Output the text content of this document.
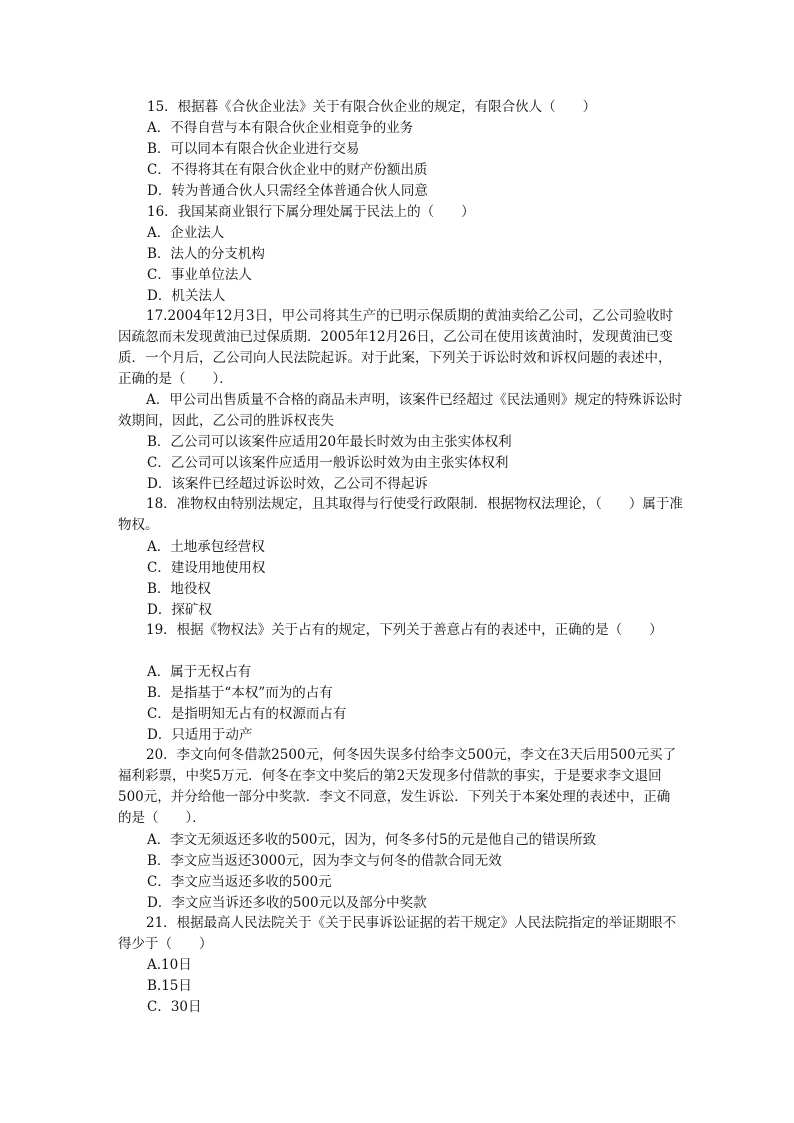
15．根据暮《合伙企业法》关于有限合伙企业的规定，有限合伙人（　　）
A．不得自营与本有限合伙企业相竟争的业务
B．可以同本有限合伙企业进行交易
C．不得将其在有限合伙企业中的财产份额出质
D．转为普通合伙人只需经全体普通合伙人同意
16．我国某商业银行下属分理处属于民法上的（　　）
A．企业法人
B．法人的分支机构
C．事业单位法人
D．机关法人
17.2004年12月3日，甲公司将其生产的已明示保质期的黄油卖给乙公司，乙公司验收时因疏忽而未发现黄油已过保质期．2005年12月26日，乙公司在使用该黄油时，发现黄油已变质．一个月后，乙公司向人民法院起诉。对于此案，下列关于诉讼时效和诉权问题的表述中，正确的是（　　）．
A．甲公司出售质量不合格的商品未声明，该案件已经超过《民法通则》规定的特殊诉讼时效期间，因此，乙公司的胜诉权丧失
B．乙公司可以该案件应适用20年最长时效为由主张实体权利
C．乙公司可以该案件应适用一般诉讼时效为由主张实体权利
D．该案件已经超过诉讼时效，乙公司不得起诉
18．准物权由特别法规定，且其取得与行使受行政限制．根据物权法理论，（　　）属于准物权。
A．土地承包经营权
C．建设用地使用权
B．地役权
D．探矿权
19．根据《物权法》关于占有的规定，下列关于善意占有的表述中，正确的是（　　）
A．属于无权占有
B．是指基于“本权”而为的占有
C．是指明知无占有的权源而占有
D．只适用于动产
20．李文向何冬借款2500元，何冬因失误多付给李文500元，李文在3天后用500元买了福利彩票，中奖5万元．何冬在李文中奖后的第2天发现多付借款的事实，于是要求李文退回500元，并分给他一部分中奖款．李文不同意，发生诉讼．下列关于本案处理的表述中，正确的是（　　）．
A．李文无须返还多收的500元，因为，何冬多付5的元是他自己的错误所致
B．李文应当返还3000元，因为李文与何冬的借款合同无效
C．李文应当返还多收的500元
D．李文应当诉还多收的500元以及部分中奖款
21．根据最高人民法院关于《关于民事诉讼证据的若干规定》人民法院指定的举证期眼不得少于（　　）
A.10日
B.15日
C．30日
